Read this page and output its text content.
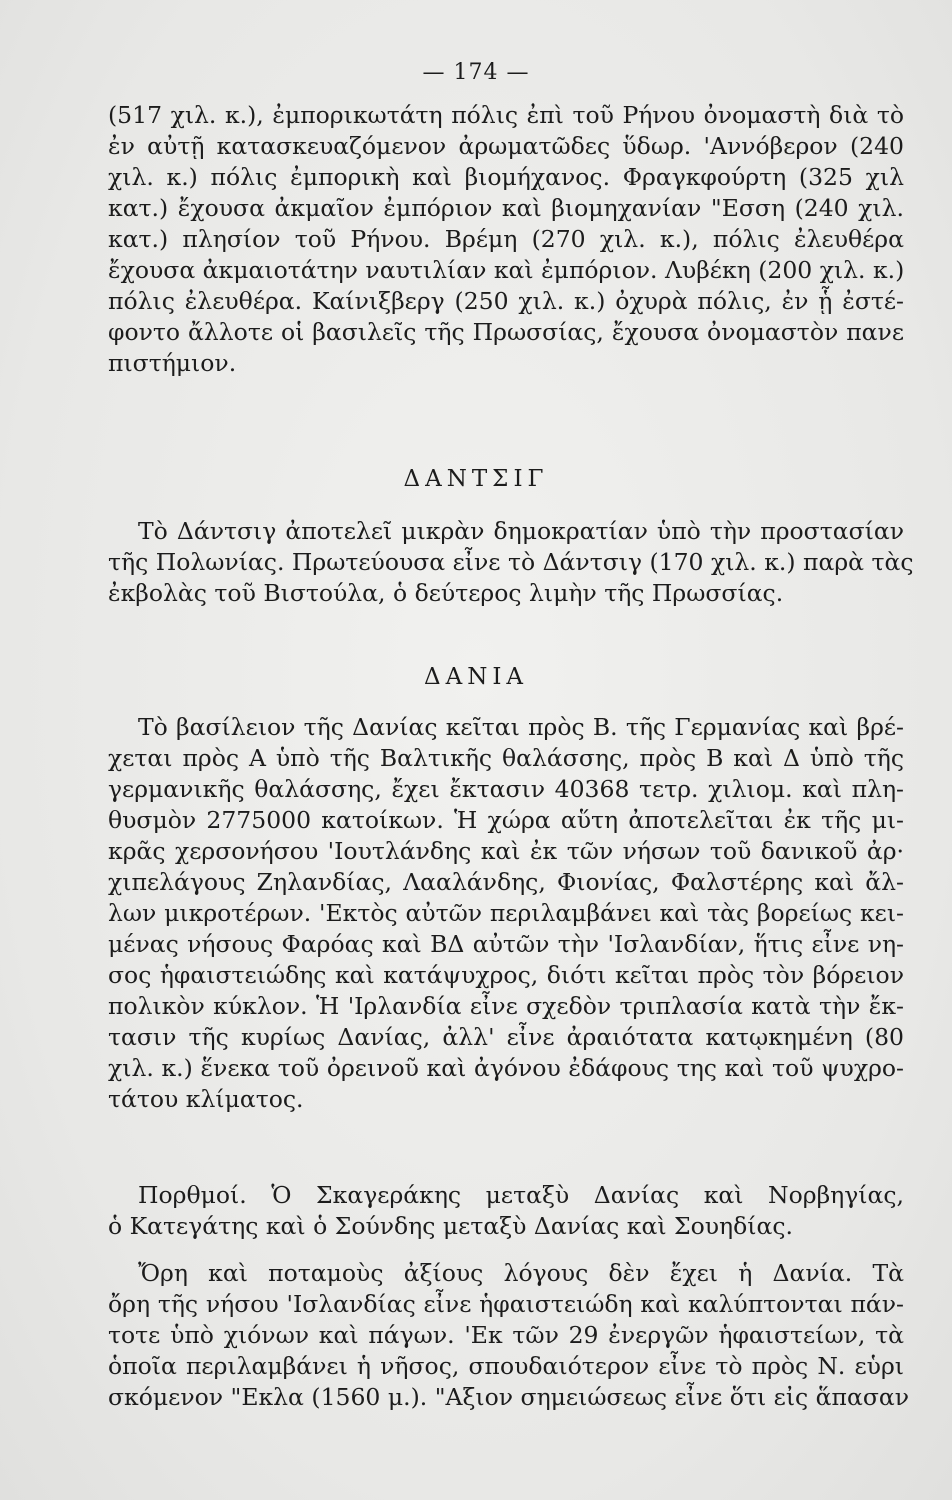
— 174 —
(517 χιλ. κ.), ἐμπορικωτάτη πόλις ἐπὶ τοῦ Ρήνου ὀνομαστὴ διὰ τὸ
ἐν αὐτῇ κατασκευαζόμενον ἀρωματῶδες ὕδωρ. 'Αννόβερον (240
χιλ. κ.) πόλις ἐμπορικὴ καὶ βιομήχανος. Φραγκφούρτη (325 χιλ
κατ.) ἔχουσα ἀκμαῖον ἐμπόριον καὶ βιομηχανίαν "Εσση (240 χιλ.
κατ.) πλησίον τοῦ Ρήνου. Βρέμη (270 χιλ. κ.), πόλις ἐλευθέρα
ἔχουσα ἀκμαιοτάτην ναυτιλίαν καὶ ἐμπόριον. Λυβέκη (200 χιλ. κ.)
πόλις ἐλευθέρα. Καίνιξβεργ (250 χιλ. κ.) ὀχυρὰ πόλις, ἐν ᾗ ἐστέ-
φοντο ἄλλοτε οἱ βασιλεῖς τῆς Πρωσσίας, ἔχουσα ὀνομαστὸν πανε
πιστήμιον.
ΔΑΝΤΣΙΓ
Τὸ Δάντσιγ ἀποτελεῖ μικρὰν δημοκρατίαν ὑπὸ τὴν προστασίαν
τῆς Πολωνίας. Πρωτεύουσα εἶνε τὸ Δάντσιγ (170 χιλ. κ.) παρὰ τὰς
ἐκβολὰς τοῦ Βιστούλα, ὁ δεύτερος λιμὴν τῆς Πρωσσίας.
ΔΑΝΙΑ
Τὸ βασίλειον τῆς Δανίας κεῖται πρὸς Β. τῆς Γερμανίας καὶ βρέ-
χεται πρὸς Α ὑπὸ τῆς Βαλτικῆς θαλάσσης, πρὸς Β καὶ Δ ὑπὸ τῆς
γερμανικῆς θαλάσσης, ἔχει ἔκτασιν 40368 τετρ. χιλιομ. καὶ πλη-
θυσμὸν 2775000 κατοίκων. Ἡ χώρα αὕτη ἀποτελεῖται ἐκ τῆς μι-
κρᾶς χερσονήσου 'Ιουτλάνδης καὶ ἐκ τῶν νήσων τοῦ δανικοῦ ἀρ·
χιπελάγους Ζηλανδίας, Λααλάνδης, Φιονίας, Φαλστέρης καὶ ἄλ-
λων μικροτέρων. 'Εκτὸς αὐτῶν περιλαμβάνει καὶ τὰς βορείως κει-
μένας νήσους Φαρόας καὶ ΒΔ αὐτῶν τὴν 'Ισλανδίαν, ἥτις εἶνε νη-
σος ἡφαιστειώδης καὶ κατάψυχρος, διότι κεῖται πρὸς τὸν βόρειον
πολικὸν κύκλον. Ἡ 'Ιρλανδία εἶνε σχεδὸν τριπλασία κατὰ τὴν ἔκ-
τασιν τῆς κυρίως Δανίας, ἀλλ' εἶνε ἀραιότατα κατῳκημένη (80
χιλ. κ.) ἕνεκα τοῦ ὀρεινοῦ καὶ ἀγόνου ἐδάφους της καὶ τοῦ ψυχρο-
τάτου κλίματος.
Πορθμοί. Ὁ Σκαγεράκης μεταξὺ Δανίας καὶ Νορβηγίας,
ὁ Κατεγάτης καὶ ὁ Σούνδης μεταξὺ Δανίας καὶ Σουηδίας.
Ὄρη καὶ ποταμοὺς ἀξίους λόγους δὲν ἔχει ἡ Δανία. Τὰ
ὄρη τῆς νήσου 'Ισλανδίας εἶνε ἡφαιστειώδη καὶ καλύπτονται πάν-
τοτε ὑπὸ χιόνων καὶ πάγων. 'Εκ τῶν 29 ἐνεργῶν ἡφαιστείων, τὰ
ὁποῖα περιλαμβάνει ἡ νῆσος, σπουδαιότερον εἶνε τὸ πρὸς Ν. εὑρι
σκόμενον "Εκλα (1560 μ.). "Αξιον σημειώσεως εἶνε ὅτι εἰς ἅπασαν
